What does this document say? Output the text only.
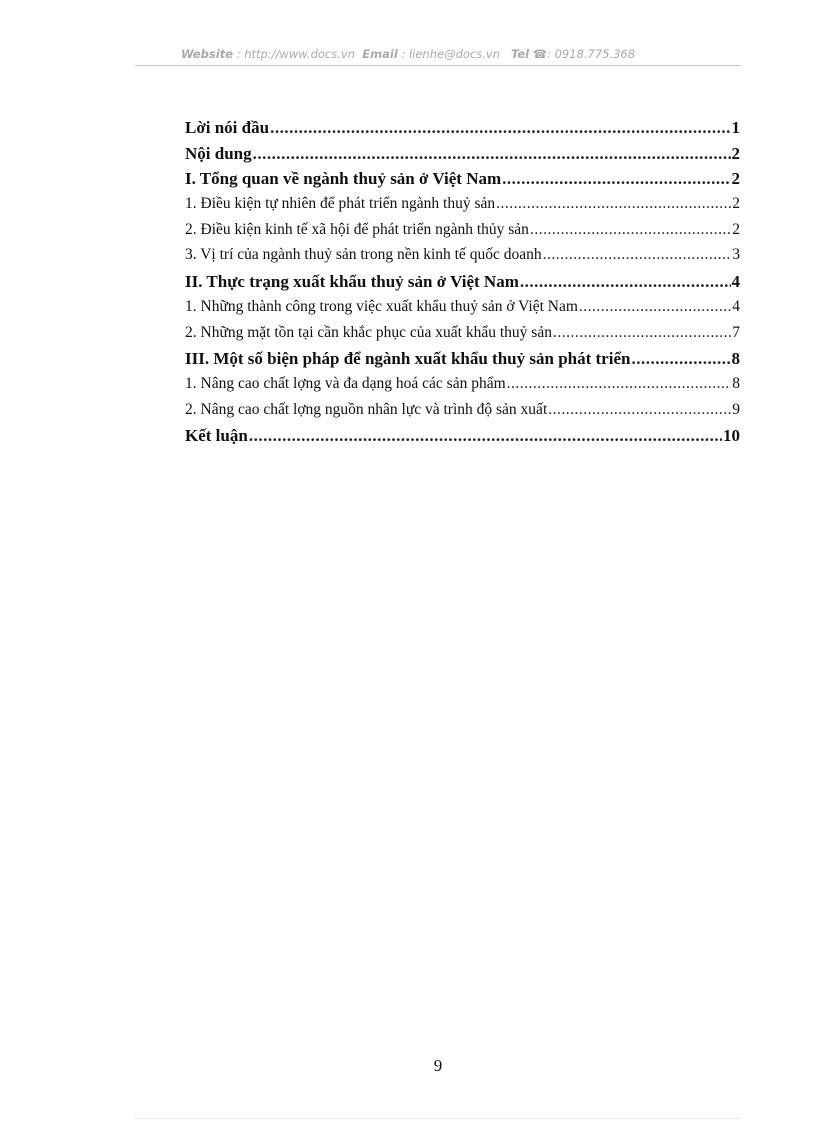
Website : http://www.docs.vn Email : lienhe@docs.vn Tel ☎: 0918.775.368
Lời nói đầu .....	1
Nội dung .....	2
I. Tổng quan về ngành thuỷ sản ở Việt Nam .....	2
1. Điều kiện tự nhiên để phát triển ngành thuỷ sản .....	2
2. Điều kiện kinh tế xã hội để phát triển ngành thủy sản .....	2
3. Vị trí của ngành thuỷ sản trong nền kinh tế quốc doanh .....	3
II. Thực trạng xuất khẩu thuỷ sản ở Việt Nam .....	4
1. Những thành công trong việc xuất khẩu thuỷ sản ở Việt Nam .....	4
2. Những mặt tồn tại cần khắc phục của xuất khẩu thuỷ sản .....	7
III. Một số biện pháp để ngành xuất khẩu thuỷ sản phát triển .....	8
1. Nâng cao chất lợng và đa dạng hoá các sản phẩm .....	8
2. Nâng cao chất lợng nguồn nhân lực và trình độ sản xuất .....	9
Kết luận .....	10
9
